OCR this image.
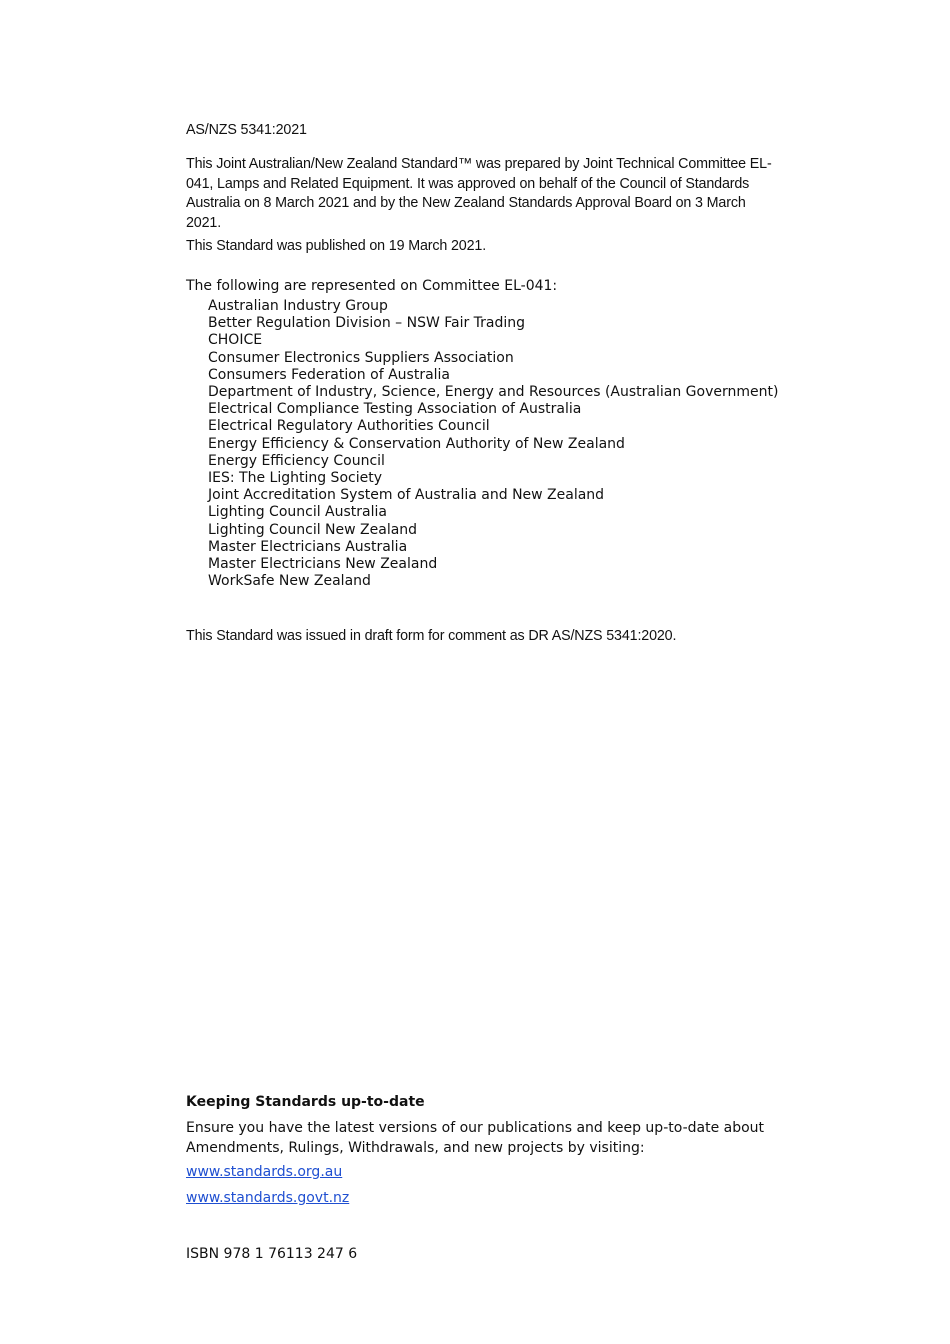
AS/NZS 5341:2021
This Joint Australian/New Zealand Standard™ was prepared by Joint Technical Committee EL-041, Lamps and Related Equipment. It was approved on behalf of the Council of Standards Australia on 8 March 2021 and by the New Zealand Standards Approval Board on 3 March 2021.
This Standard was published on 19 March 2021.
The following are represented on Committee EL-041:
Australian Industry Group
Better Regulation Division – NSW Fair Trading
CHOICE
Consumer Electronics Suppliers Association
Consumers Federation of Australia
Department of Industry, Science, Energy and Resources (Australian Government)
Electrical Compliance Testing Association of Australia
Electrical Regulatory Authorities Council
Energy Efficiency & Conservation Authority of New Zealand
Energy Efficiency Council
IES: The Lighting Society
Joint Accreditation System of Australia and New Zealand
Lighting Council Australia
Lighting Council New Zealand
Master Electricians Australia
Master Electricians New Zealand
WorkSafe New Zealand
This Standard was issued in draft form for comment as DR AS/NZS 5341:2020.
Keeping Standards up-to-date
Ensure you have the latest versions of our publications and keep up-to-date about Amendments, Rulings, Withdrawals, and new projects by visiting:
www.standards.org.au
www.standards.govt.nz
ISBN 978 1 76113 247 6
